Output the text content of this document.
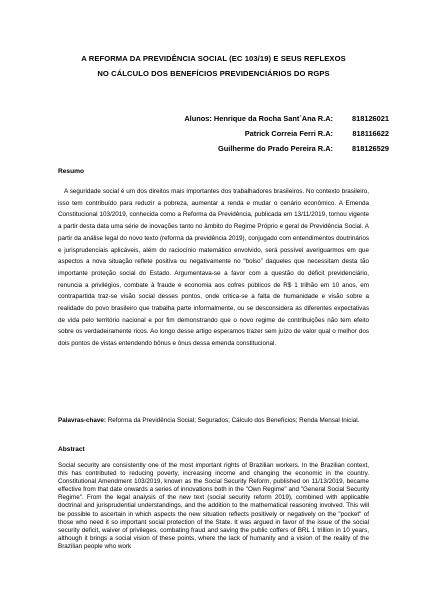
A REFORMA DA PREVIDÊNCIA SOCIAL (EC 103/19) E SEUS REFLEXOS
NO CÁLCULO DOS BENEFÍCIOS PREVIDENCIÁRIOS DO RGPS
Alunos: Henrique da Rocha Sant´Ana R.A:	818126021
Patrick Correia Ferri R.A:	818116622
Guilherme do Prado Pereira R.A:	818126529
Resumo
A seguridade social é um dos direitos mais importantes dos trabalhadores brasileiros. No contexto brasileiro, isso tem contribuído para reduzir a pobreza, aumentar a renda e mudar o cenário econômico. A Emenda Constitucional 103/2019, conhecida como a Reforma da Previdência, publicada em 13/11/2019, tornou vigente a partir desta data uma série de inovações tanto no âmbito do Regime Próprio e geral de Previdência Social. A partir da análise legal do novo texto (reforma da previdência 2019), conjugado com entendimentos doutrinários e jurisprudenciais aplicáveis, além do raciocínio matemático envolvido, será possível averiguarmos em que aspectos a nova situação reflete positiva ou negativamente no “bolso” daqueles que necessitam desta tão importante proteção social do Estado. Argumentava-se a favor com a questão do déficit previdenciário, renuncia a privilégios, combate à fraude e economia aos cofres públicos de R$ 1 trilhão em 10 anos, em contrapartida traz-se visão social desses pontos, onde critica-se a falta de humanidade e visão sobre a realidade do povo brasileiro que trabalha parte informalmente, ou se desconsidera as diferentes expectativas de vida pelo território nacional e por fim demonstrando que o novo regime de contribuições não tem efeito sobre os verdadeiramente ricos. Ao longo desse artigo esperamos trazer sem juízo de valor qual o melhor dos dois pontos de vistas entendendo bônus e ônus dessa emenda constitucional.
Palavras-chave: Reforma da Previdência Social; Segurados; Cálculo dos Benefícios; Renda Mensal Inicial.
Abstract
Social security are consistently one of the most important rights of Brazilian workers. In the Brazilian context, this has contributed to reducing poverty, increasing income and changing the economic in the country. Constitutional Amendment 103/2019, known as the Social Security Reform, published on 11/13/2019, became effective from that date onwards a series of innovations both in the "Own Regime" and "General Social Security Regime". From the legal analysis of the new text (social security reform 2019), combined with applicable doctrinal and jurisprudential understandings, and the addition to the mathematical reasoning involved. This will be possible to ascertain in which aspects the new situation reflects positively or negatively on the "pocket" of those who need it so important social protection of the State. It was argued in favor of the issue of the social security deficit, waiver of privileges, combating fraud and saving the public coffers of BRL 1 trillion in 10 years, although it brings a social vision of these points, where the lack of humanity and a vision of the reality of the Brazilian people who work
